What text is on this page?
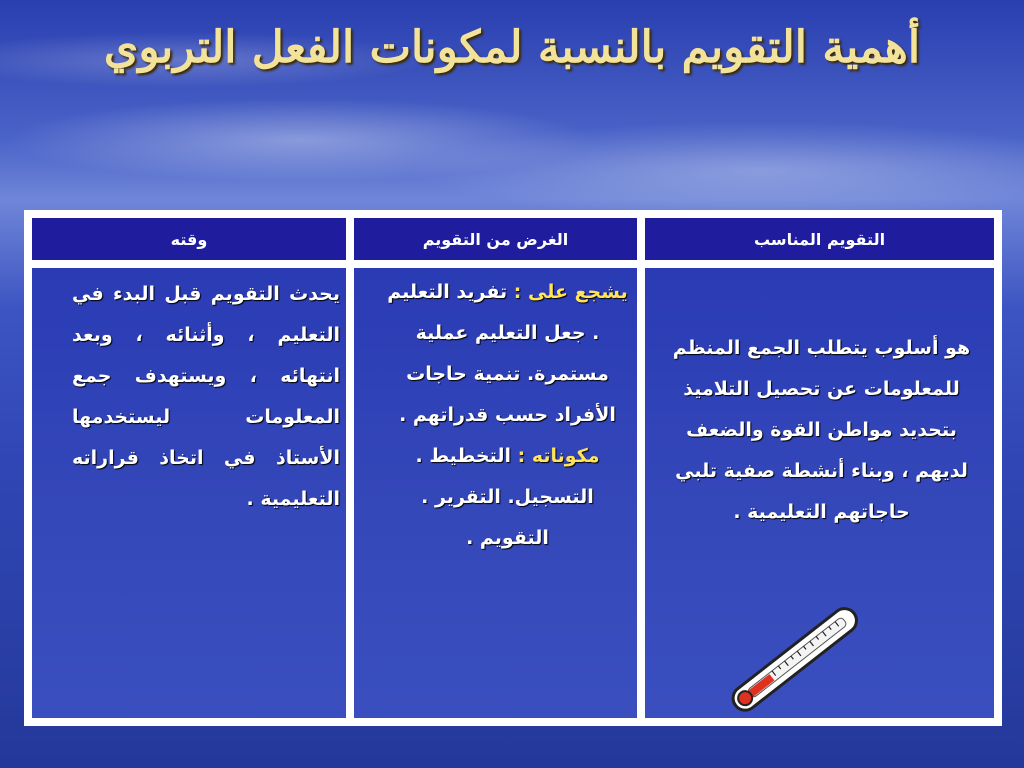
أهمية التقويم بالنسبة لمكونات الفعل التربوي
وقته
يحدث التقويم قبل البدء في التعليم ، وأثنائه ، وبعد انتهائه ، ويستهدف جمع المعلومات ليستخدمها الأستاذ في اتخاذ قراراته التعليمية .
الغرض من التقويم
يشجع على : تفريد التعليم . جعل التعليم عملية مستمرة. تنمية حاجات الأفراد حسب قدراتهم .
مكوناته : التخطيط . التسجيل. التقرير . التقويم .
التقويم المناسب
هو أسلوب يتطلب الجمع المنظم للمعلومات عن تحصيل التلاميذ بتحديد مواطن القوة والضعف لديهم ، وبناء أنشطة صفية تلبي حاجاتهم التعليمية .
